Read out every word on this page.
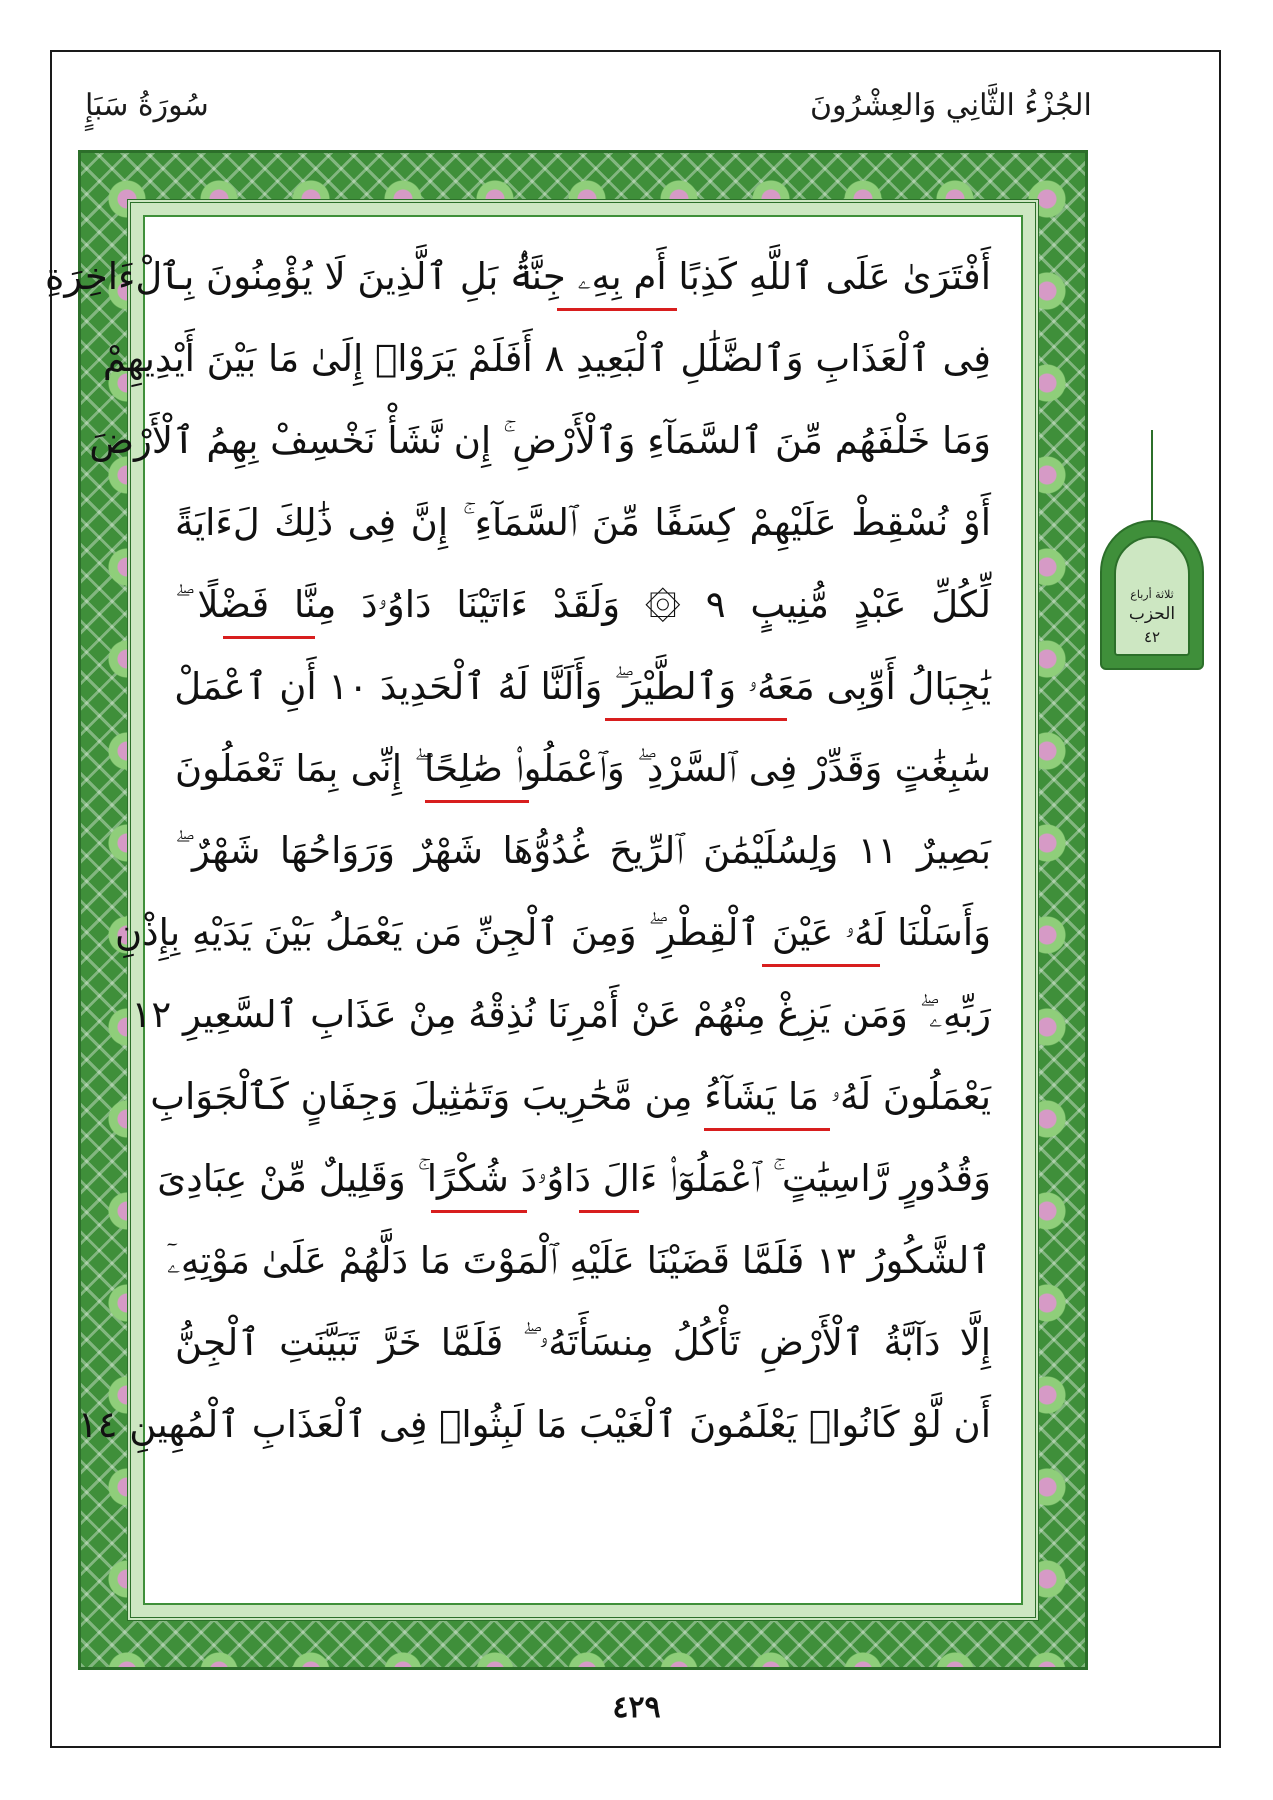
سُورَةُ سَبَإٍ	الجُزْءُ الثَّانِي وَالعِشْرُونَ
أَفْتَرَىٰ عَلَى ٱللَّهِ كَذِبًا أَم بِهِۦ جِنَّةُۢ بَلِ ٱلَّذِينَ لَا يُؤْمِنُونَ بِٱلْءَاخِرَةِ
فِى ٱلْعَذَابِ وَٱلضَّلَٰلِ ٱلْبَعِيدِ ٨ أَفَلَمْ يَرَوْا۟ إِلَىٰ مَا بَيْنَ أَيْدِيهِمْ
وَمَا خَلْفَهُم مِّنَ ٱلسَّمَآءِ وَٱلْأَرْضِ ۚ إِن نَّشَأْ نَخْسِفْ بِهِمُ ٱلْأَرْضَ
أَوْ نُسْقِطْ عَلَيْهِمْ كِسَفًا مِّنَ ٱلسَّمَآءِ ۚ إِنَّ فِى ذَٰلِكَ لَءَايَةً
لِّكُلِّ عَبْدٍ مُّنِيبٍ ٩ ۞ وَلَقَدْ ءَاتَيْنَا دَاوُۥدَ مِنَّا فَضْلًا ۖ
يَٰجِبَالُ أَوِّبِى مَعَهُۥ وَٱلطَّيْرَ ۖ وَأَلَنَّا لَهُ ٱلْحَدِيدَ ١٠ أَنِ ٱعْمَلْ
سَٰبِغَٰتٍ وَقَدِّرْ فِى ٱلسَّرْدِ ۖ وَٱعْمَلُوا۟ صَٰلِحًا ۖ إِنِّى بِمَا تَعْمَلُونَ
بَصِيرٌ ١١ وَلِسُلَيْمَٰنَ ٱلرِّيحَ غُدُوُّهَا شَهْرٌ وَرَوَاحُهَا شَهْرٌ ۖ
وَأَسَلْنَا لَهُۥ عَيْنَ ٱلْقِطْرِ ۖ وَمِنَ ٱلْجِنِّ مَن يَعْمَلُ بَيْنَ يَدَيْهِ بِإِذْنِ
رَبِّهِۦ ۖ وَمَن يَزِغْ مِنْهُمْ عَنْ أَمْرِنَا نُذِقْهُ مِنْ عَذَابِ ٱلسَّعِيرِ ١٢
يَعْمَلُونَ لَهُۥ مَا يَشَآءُ مِن مَّحَٰرِيبَ وَتَمَٰثِيلَ وَجِفَانٍ كَٱلْجَوَابِ
وَقُدُورٍ رَّاسِيَٰتٍ ۚ ٱعْمَلُوٓا۟ ءَالَ دَاوُۥدَ شُكْرًا ۚ وَقَلِيلٌ مِّنْ عِبَادِىَ
ٱلشَّكُورُ ١٣ فَلَمَّا قَضَيْنَا عَلَيْهِ ٱلْمَوْتَ مَا دَلَّهُمْ عَلَىٰ مَوْتِهِۦٓ
إِلَّا دَآبَّةُ ٱلْأَرْضِ تَأْكُلُ مِنسَأَتَهُۥ ۖ فَلَمَّا خَرَّ تَبَيَّنَتِ ٱلْجِنُّ
أَن لَّوْ كَانُوا۟ يَعْلَمُونَ ٱلْغَيْبَ مَا لَبِثُوا۟ فِى ٱلْعَذَابِ ٱلْمُهِينِ ١٤
ثلاثة أرباع
الحزب
٤٢
٤٢٩
